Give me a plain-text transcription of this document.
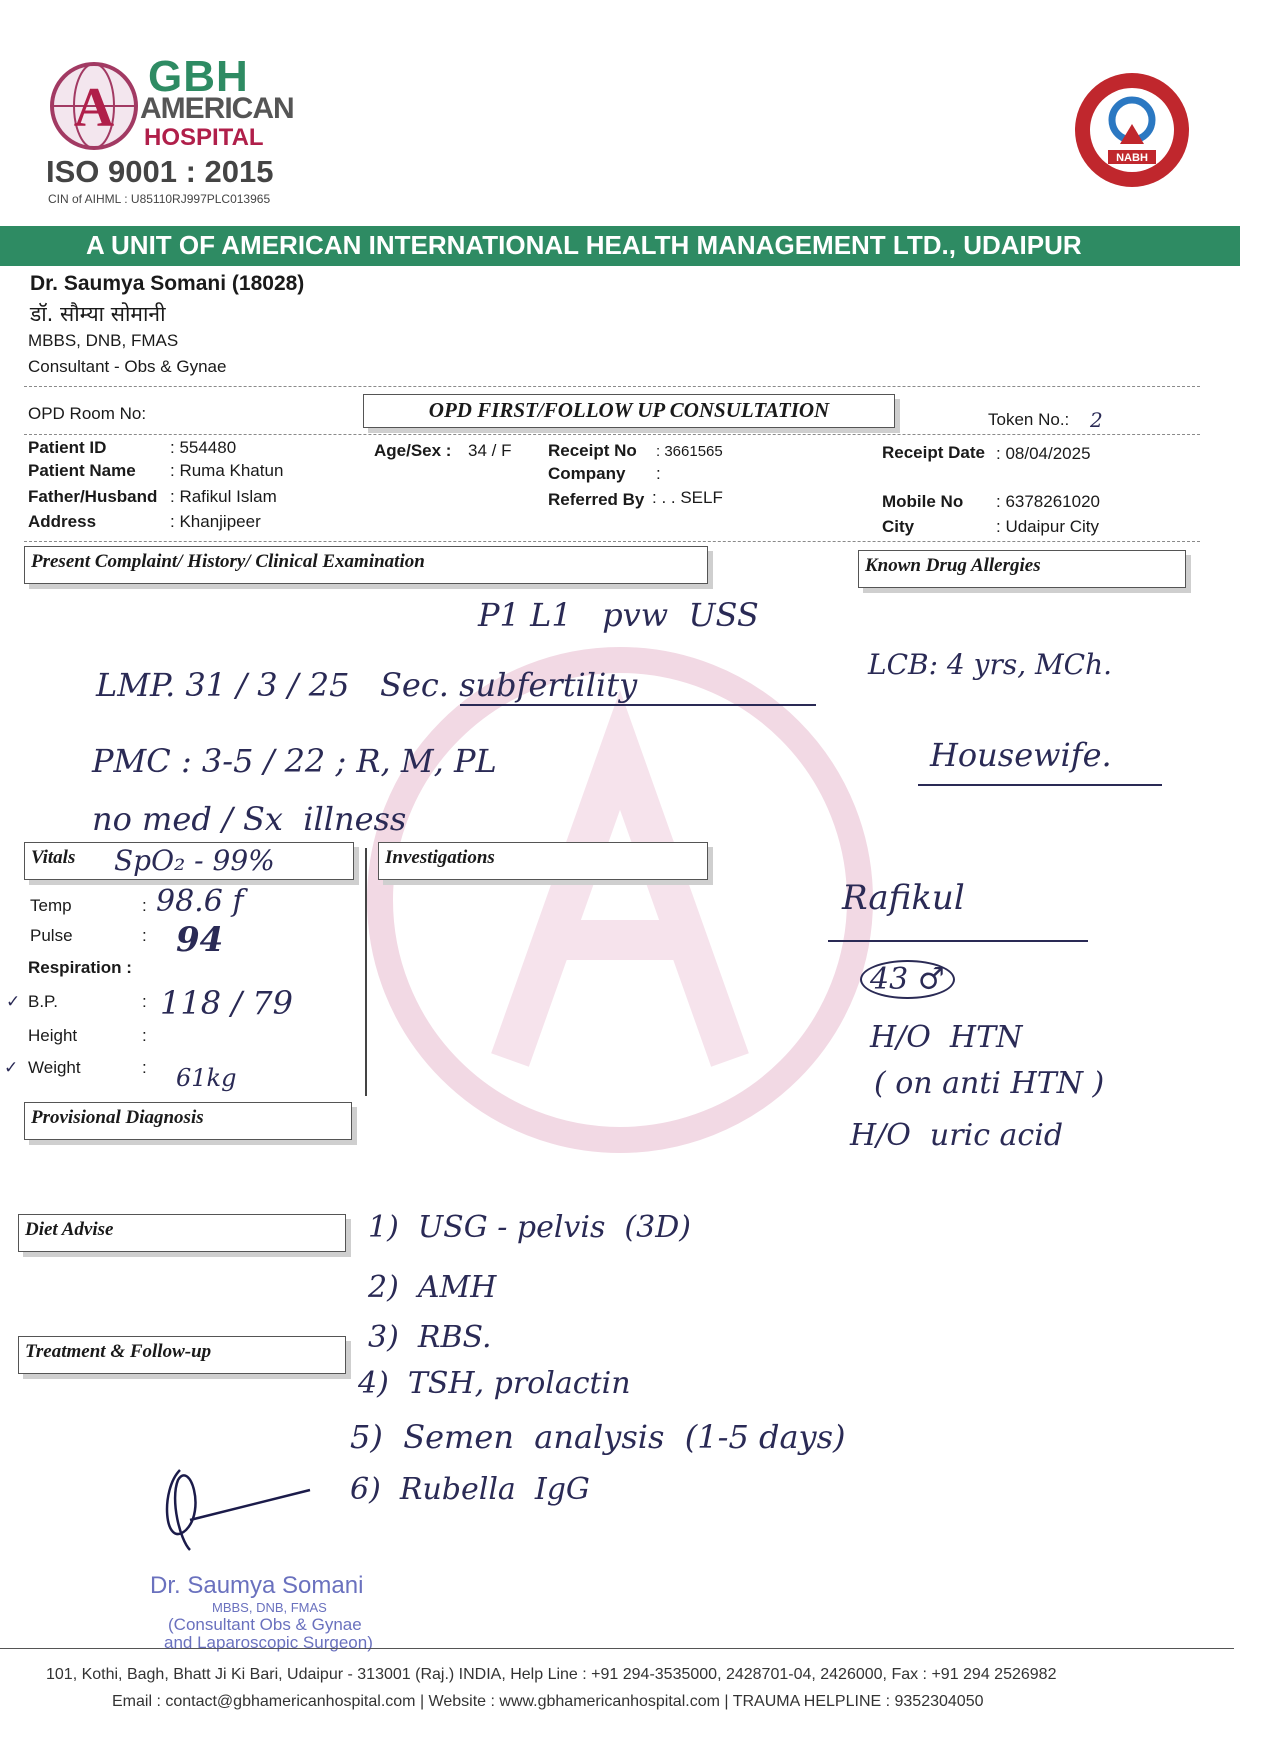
A
GBH
AMERICAN
HOSPITAL
ISO 9001 : 2015
CIN of AIHML : U85110RJ997PLC013965
NABH
A UNIT OF AMERICAN INTERNATIONAL HEALTH MANAGEMENT LTD., UDAIPUR
Dr. Saumya Somani (18028)
डॉ. सौम्या सोमानी
MBBS, DNB, FMAS
Consultant - Obs & Gynae
OPD Room No:	OPD FIRST/FOLLOW UP CONSULTATION	Token No.: 2
Patient ID	: 554480
Patient Name : Ruma Khatun
Father/Husband : Rafikul Islam
Address	: Khanjipeer
Age/Sex : 34 / F Receipt No : 3661565
Company :
Referred By : . . SELF
Receipt Date : 08/04/2025
Mobile No : 6378261020
City	: Udaipur City
Present Complaint/ History/ Clinical Examination	Known Drug Allergies
P1 L1   pvw  USS
LMP. 31 / 3 / 25   Sec. subfertility
LCB: 4 yrs, MCh.
PMC : 3-5 / 22 ; R, M, PL	Housewife.
no med / Sx  illness
Vitals	SpO₂ - 99%	Investigations
Temp	: 98.6 f
Pulse	: 94
Respiration :
✓ B.P.	: 118 / 79
Height	:
✓ Weight	: 61kg
Rafikul
43 ♂
H/O  HTN
( on anti HTN )
H/O  uric acid
Provisional Diagnosis
Diet Advise
Treatment & Follow-up
1)  USG - pelvis  (3D)
2)  AMH
3)  RBS.
4)  TSH, prolactin
5)  Semen  analysis  (1-5 days)
6)  Rubella  IgG
Dr. Saumya Somani
MBBS, DNB, FMAS
(Consultant Obs & Gynae
and Laparoscopic Surgeon)
101, Kothi, Bagh, Bhatt Ji Ki Bari, Udaipur - 313001 (Raj.) INDIA, Help Line : +91 294-3535000, 2428701-04, 2426000, Fax : +91 294 2526982
Email : contact@gbhamericanhospital.com | Website : www.gbhamericanhospital.com | TRAUMA HELPLINE : 9352304050
